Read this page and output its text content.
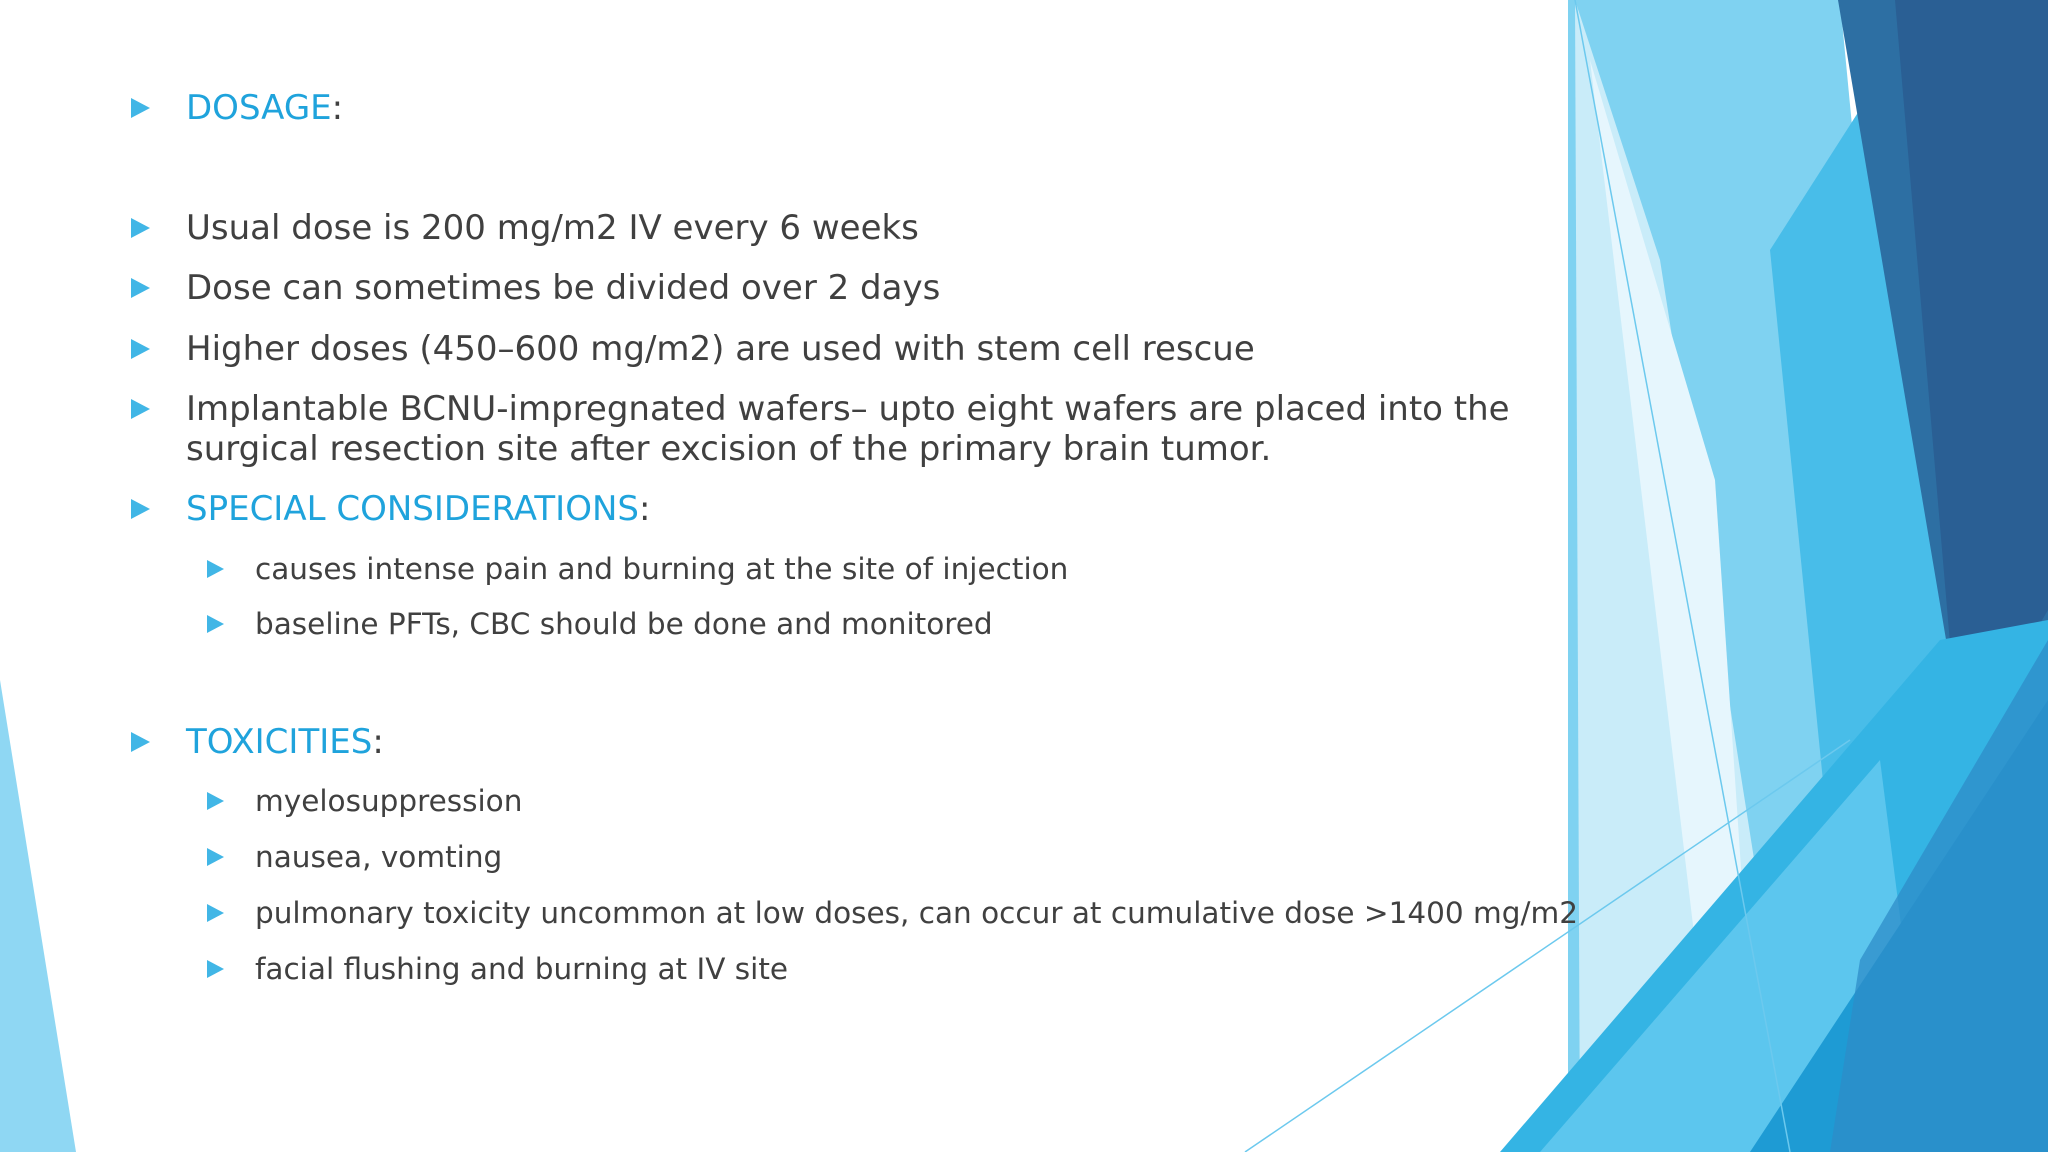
DOSAGE:
Usual dose is 200 mg/m2 IV every 6 weeks
Dose can sometimes be divided over 2 days
Higher doses (450–600 mg/m2) are used with stem cell rescue
Implantable BCNU-impregnated wafers– upto eight wafers are placed into the
surgical resection site after excision of the primary brain tumor.
SPECIAL CONSIDERATIONS:
causes intense pain and burning at the site of injection
baseline PFTs, CBC should be done and monitored
TOXICITIES:
myelosuppression
nausea, vomting
pulmonary toxicity uncommon at low doses, can occur at cumulative dose >1400 mg/m2
facial flushing and burning at IV site
